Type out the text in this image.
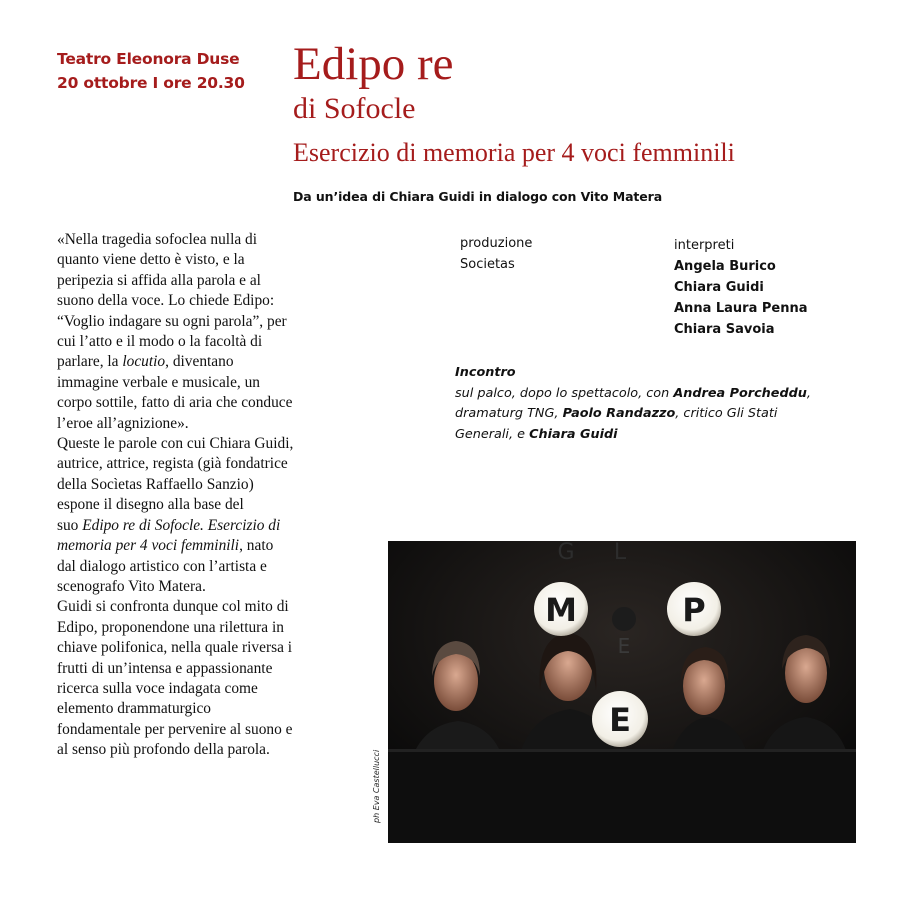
Teatro Eleonora Duse
20 ottobre I ore 20.30 Edipo re
di Sofocle
Esercizio di memoria per 4 voci femminili
Da un’idea di Chiara Guidi in dialogo con Vito Matera

«Nella tragedia sofoclea nulla di

quanto viene detto è visto, e la

peripezia si affida alla parola e al

suono della voce. Lo chiede Edipo:

“Voglio indagare su ogni parola”, per

cui l’atto e il modo o la facoltà di

parlare, la locutio, diventano

immagine verbale e musicale, un

corpo sottile, fatto di aria che conduce

l’eroe all’agnizione».

Queste le parole con cui Chiara Guidi,

autrice, attrice, regista (già fondatrice

della Socìetas Raffaello Sanzio)

espone il disegno alla base del

suo Edipo re di Sofocle. Esercizio di

memoria per 4 voci femminili, nato

dal dialogo artistico con l’artista e

scenografo Vito Matera.

Guidi si confronta dunque col mito di

Edipo, proponendone una rilettura in

chiave polifonica, nella quale riversa i

frutti di un’intensa e appassionante

ricerca sulla voce indagata come

elemento drammaturgico

fondamentale per pervenire al suono e

al senso più profondo della parola.

produzione
Societas
interpreti
Angela Burico
Chiara Guidi
Anna Laura Penna
Chiara Savoia
Incontro
sul palco, dopo lo spettacolo, con Andrea Porcheddu,
dramaturg TNG, Paolo Randazzo, critico Gli Stati
Generali, e Chiara Guidi
G L
E
M	P
E
ph Eva Castellucci
